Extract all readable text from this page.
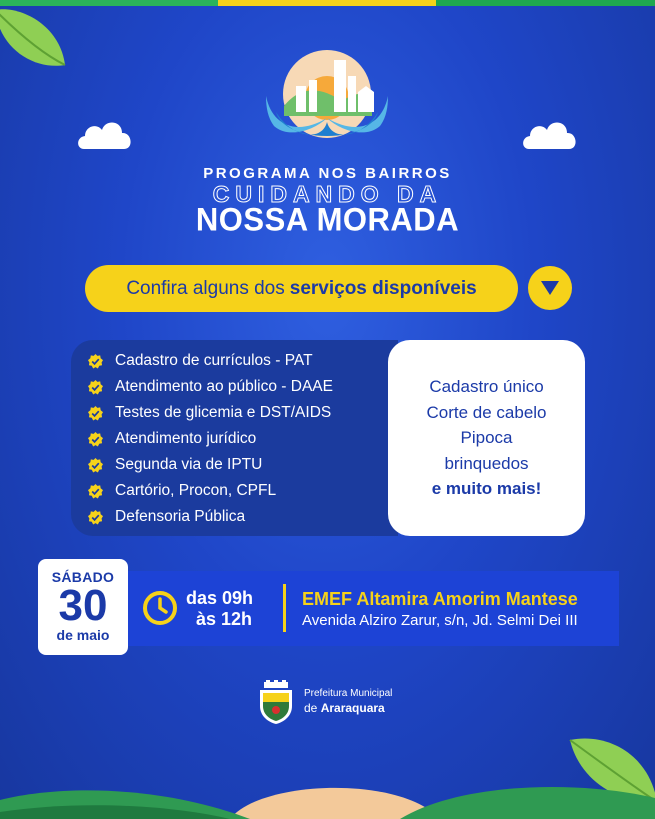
PROGRAMA NOS BAIRROS
CUIDANDO DA
NOSSA MORADA
Confira alguns dos serviços disponíveis
Cadastro de currículos - PAT
Atendimento ao público - DAAE
Testes de glicemia e DST/AIDS
Atendimento jurídico
Segunda via de IPTU
Cartório, Procon, CPFL
Defensoria Pública
Cadastro único
Corte de cabelo
Pipoca
brinquedos
e muito mais!
SÁBADO
30
de maio
das 09h
às 12h
EMEF Altamira Amorim Mantese
Avenida Alziro Zarur, s/n, Jd. Selmi Dei III
Prefeitura Municipal
de Araraquara
